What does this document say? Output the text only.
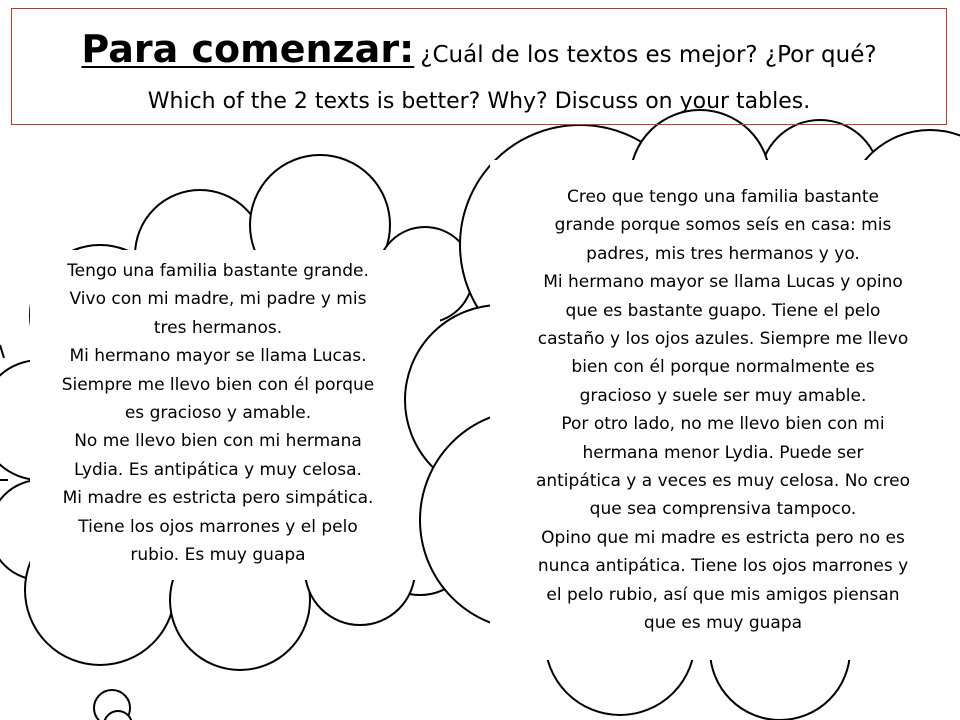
Para comenzar: ¿Cuál de los textos es mejor? ¿Por qué?
Which of the 2 texts is better? Why? Discuss on your tables.
Tengo una familia bastante grande.
Vivo con mi madre, mi padre y mis
tres hermanos.
Mi hermano mayor se llama Lucas.
Siempre me llevo bien con él porque
es gracioso y amable.
No me llevo bien con mi hermana
Lydia. Es antipática y muy celosa.
Mi madre es estricta pero simpática.
Tiene los ojos marrones y el pelo
rubio. Es muy guapa
Creo que tengo una familia bastante
grande porque somos seís en casa: mis
padres, mis tres hermanos y yo.
Mi hermano mayor se llama Lucas y opino
que es bastante guapo. Tiene el pelo
castaño y los ojos azules. Siempre me llevo
bien con él porque normalmente es
gracioso y suele ser muy amable.
Por otro lado, no me llevo bien con mi
hermana menor Lydia. Puede ser
antipática y a veces es muy celosa. No creo
que sea comprensiva tampoco.
Opino que mi madre es estricta pero no es
nunca antipática. Tiene los ojos marrones y
el pelo rubio, así que mis amigos piensan
que es muy guapa
